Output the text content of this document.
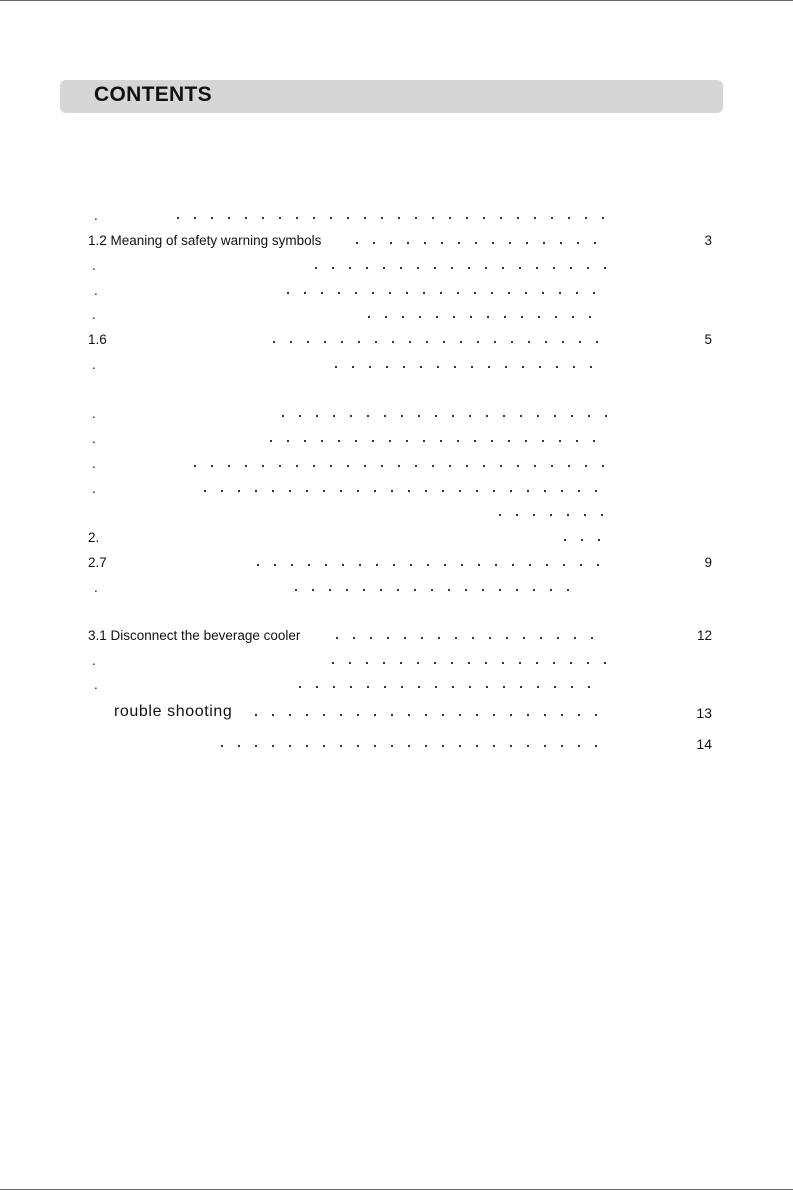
CONTENTS
.
1.2 Meaning of safety warning symbols	3
.
.
.
1.6	5
.
.
.
.
.
2.
2.7	9
.
3.1 Disconnect the beverage cooler	12
.
.
rouble shooting	13
14
